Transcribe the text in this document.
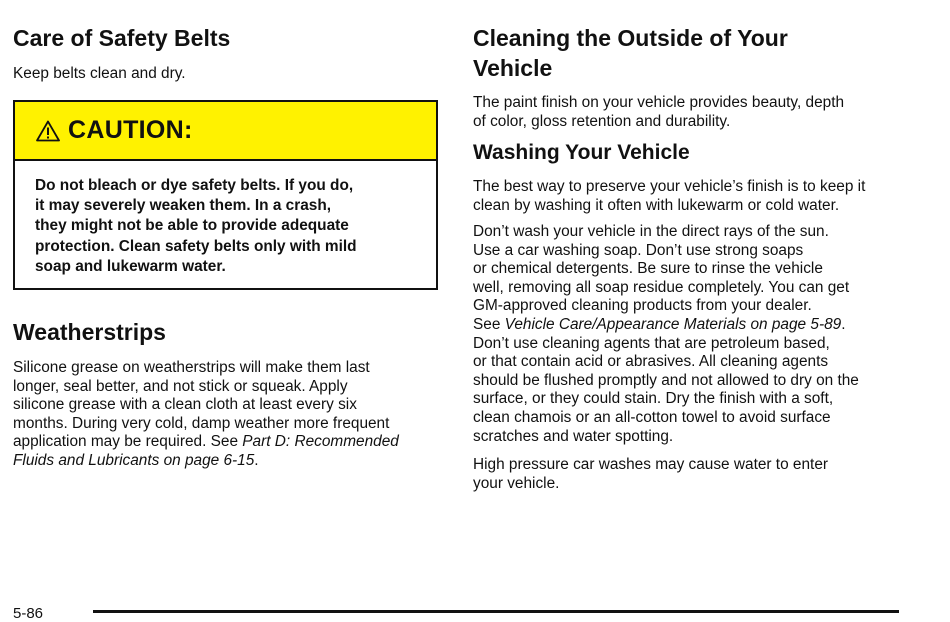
Care of Safety Belts

Keep belts clean and dry.

CAUTION:
Do not bleach or dye safety belts. If you do,
it may severely weaken them. In a crash,
they might not be able to provide adequate
protection. Clean safety belts only with mild
soap and lukewarm water.
Weatherstrips

Silicone grease on weatherstrips will make them last

longer, seal better, and not stick or squeak. Apply

silicone grease with a clean cloth at least every six

months. During very cold, damp weather more frequent

application may be required. See Part D: Recommended

Fluids and Lubricants on page 6-15.

Cleaning the Outside of Your
Vehicle

The paint finish on your vehicle provides beauty, depth

of color, gloss retention and durability.

Washing Your Vehicle

The best way to preserve your vehicle’s finish is to keep it

clean by washing it often with lukewarm or cold water.

Don’t wash your vehicle in the direct rays of the sun.

Use a car washing soap. Don’t use strong soaps

or chemical detergents. Be sure to rinse the vehicle

well, removing all soap residue completely. You can get

GM-approved cleaning products from your dealer.

See Vehicle Care/Appearance Materials on page 5-89.

Don’t use cleaning agents that are petroleum based,

or that contain acid or abrasives. All cleaning agents

should be flushed promptly and not allowed to dry on the

surface, or they could stain. Dry the finish with a soft,

clean chamois or an all-cotton towel to avoid surface

scratches and water spotting.

High pressure car washes may cause water to enter

your vehicle.

5-86
